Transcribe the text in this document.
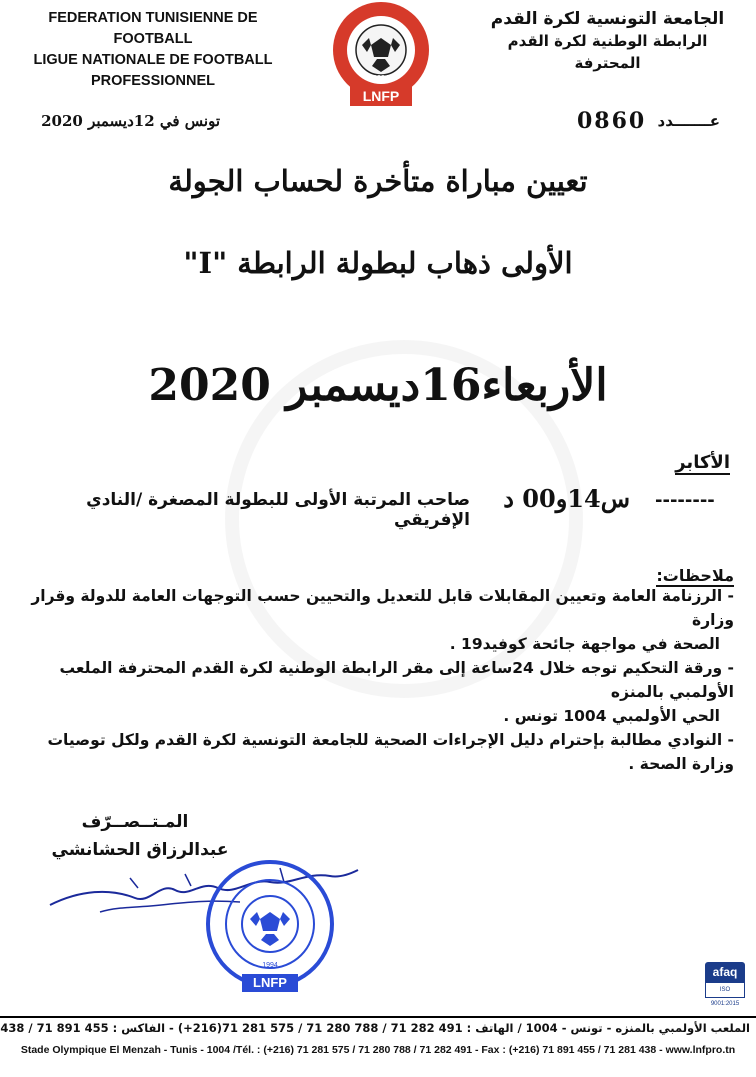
FEDERATION TUNISIENNE DE FOOTBALL
LIGUE NATIONALE DE FOOTBALL
PROFESSIONNEL
LNFP
1994
الجامعة التونسية لكرة القدم
الرابطة الوطنية لكرة القدم
المحترفة
تونس في 12ديسمبر 2020	عـــــــدد
0860
تعيين مباراة متأخرة لحساب الجولة
الأولى ذهاب لبطولة الرابطة "I"
الأربعاء16ديسمبر 2020
الأكابر
--------
س14و00 د
صاحب المرتبة الأولى للبطولة المصغرة /النادي الإفريقي
ملاحظات:
- الرزنامة العامة وتعيين المقابلات قابل للتعديل والتحيين حسب التوجهات العامة للدولة وقرار وزارة
الصحة في مواجهة جائحة كوفيد19 .
- ورقة التحكيم توجه خلال 24ساعة إلى مقر الرابطة الوطنية لكرة القدم المحترفة الملعب الأولمبي بالمنزه
الحي الأولمبي 1004 تونس .
- النوادي مطالبة بإحترام دليل الإجراءات الصحية للجامعة التونسية لكرة القدم ولكل توصيات وزارة الصحة .
المـتــصــرّف
عبدالرزاق الحشانشي
LNFP
1994	afaq
ISO 9001:2015
الملعب الأولمبي بالمنزه - تونس - 1004 / الهاتف : 491 282 71 / 788 280 71 / 575 281 71(216+) - الفاكس : 455 891 71 / 438
Stade Olympique El Menzah - Tunis - 1004 /Tél. : (+216) 71 281 575 / 71 280 788 / 71 282 491 - Fax : (+216) 71 891 455 / 71 281 438 - www.lnfpro.tn
